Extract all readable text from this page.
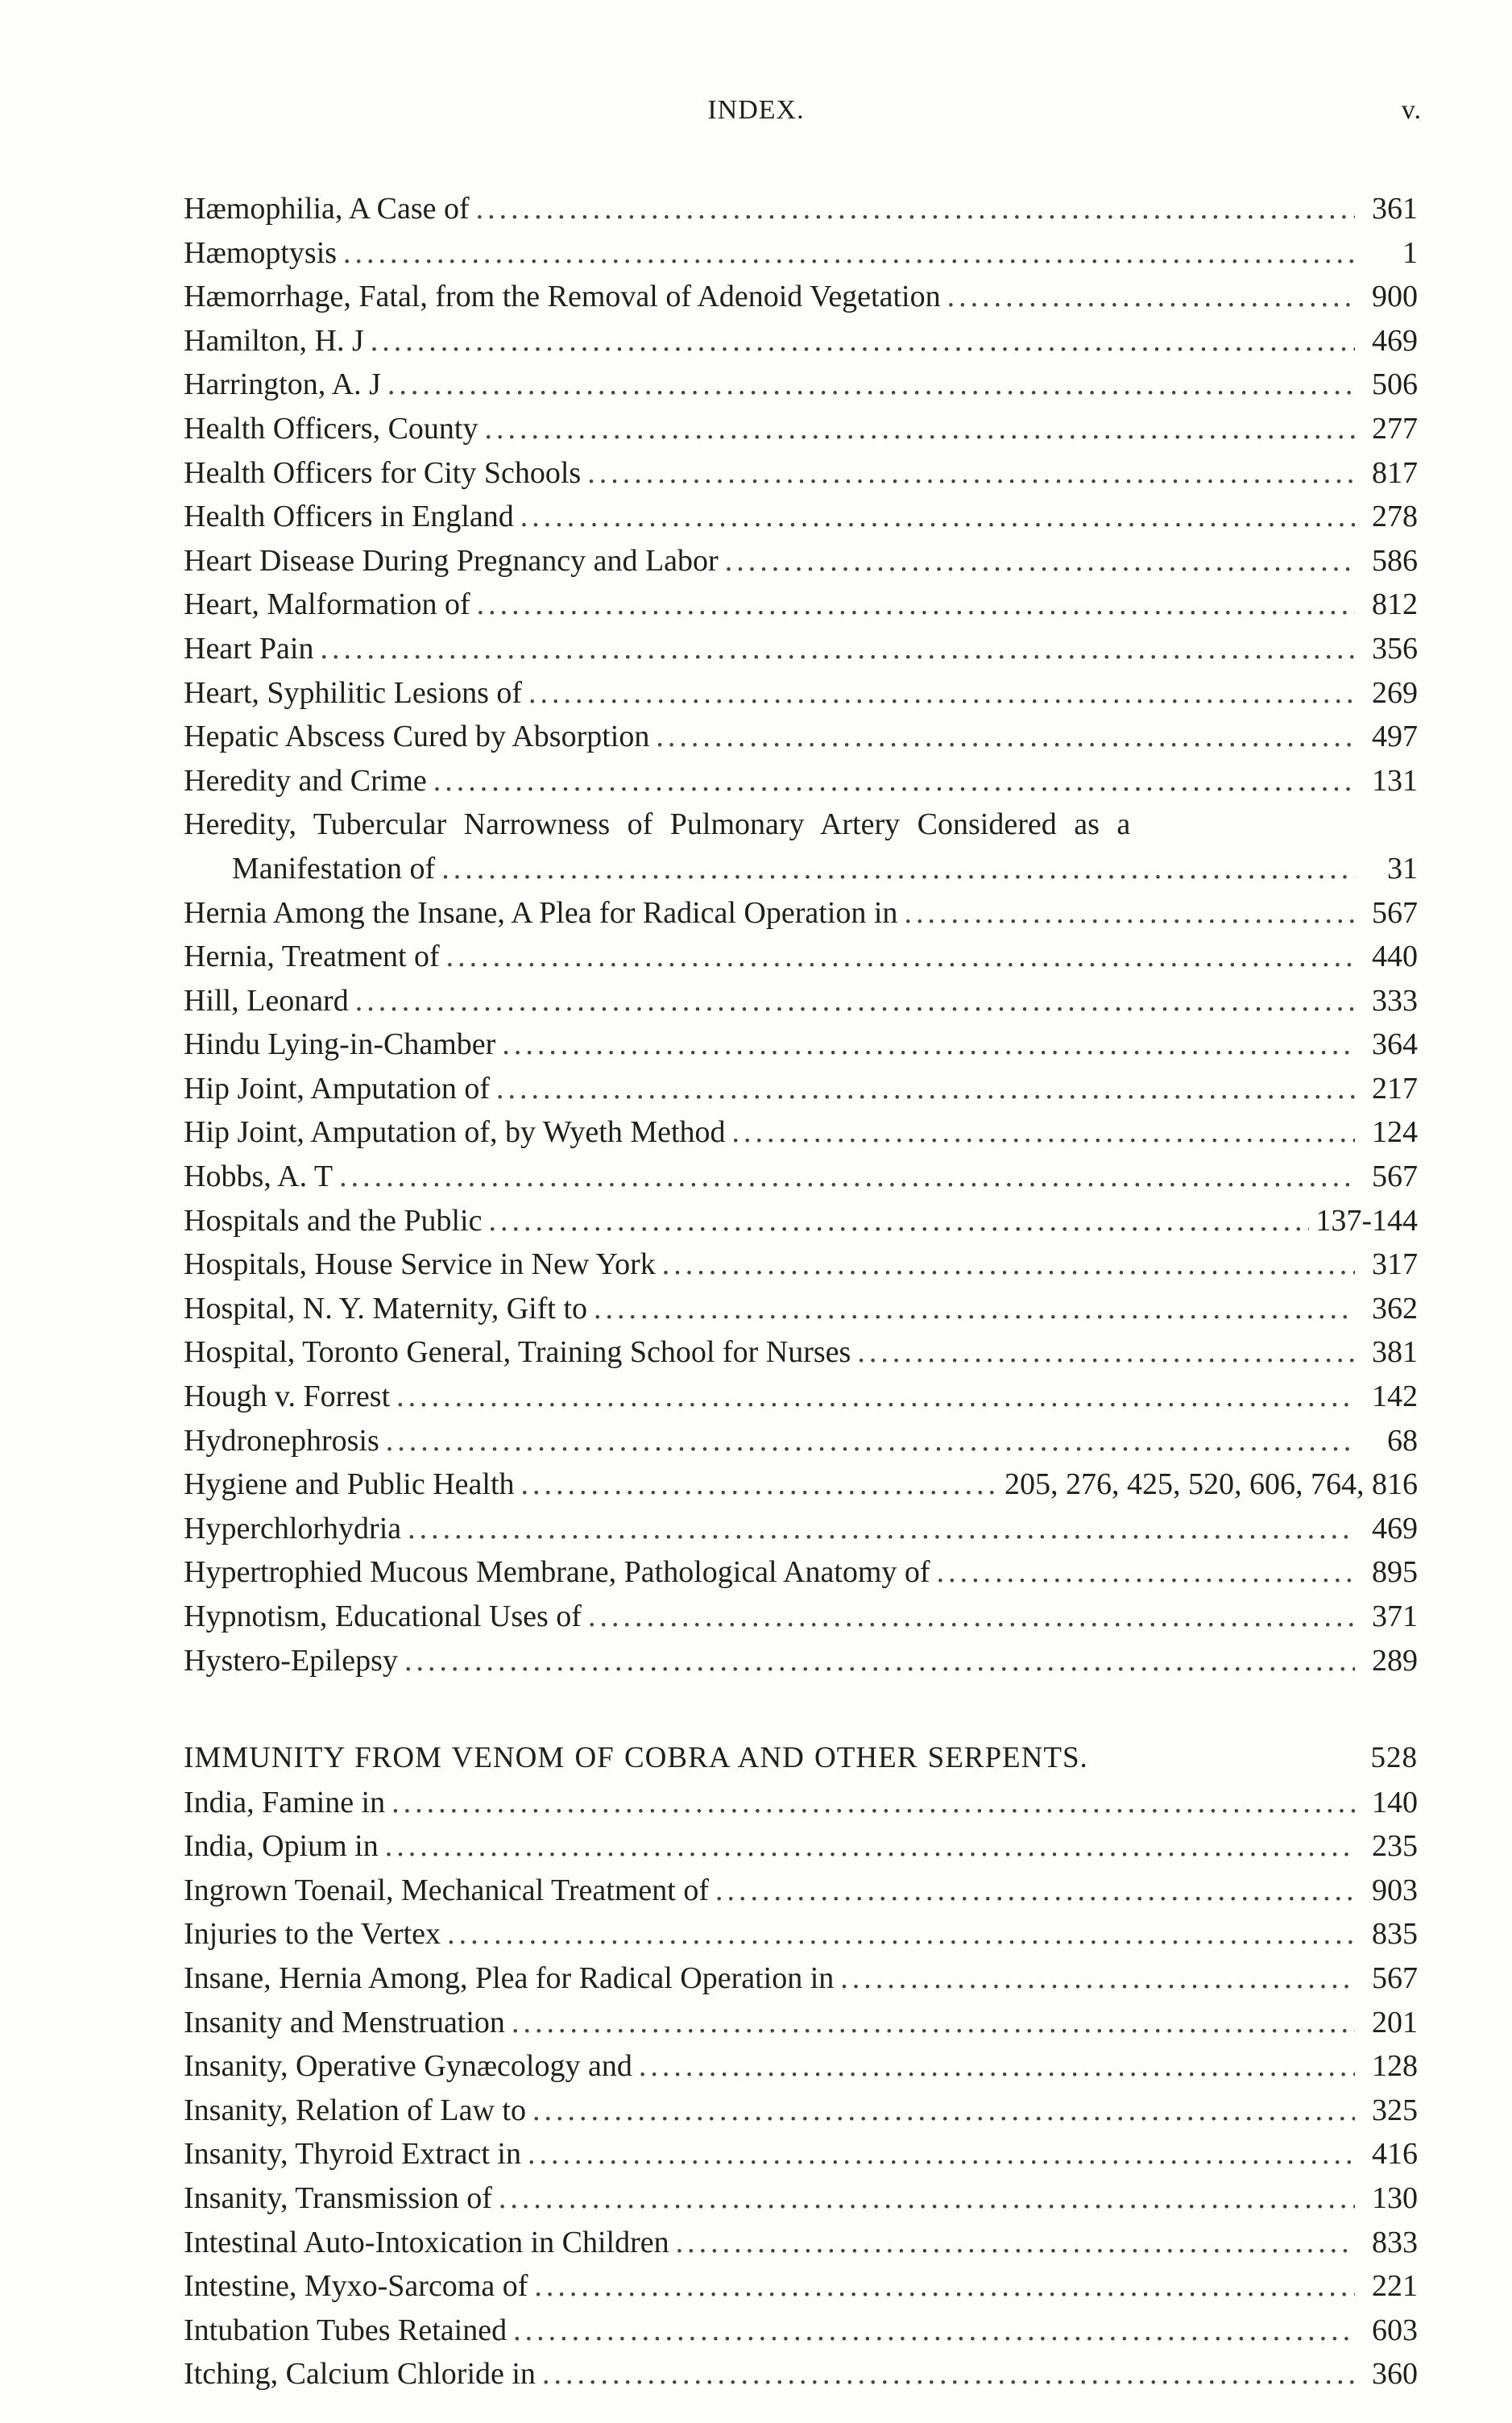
INDEX.	v.
Hæmophilia, A Case of .....	361
Hæmoptysis .....	1
Hæmorrhage, Fatal, from the Removal of Adenoid Vegetation .....	900
Hamilton, H. J .....	469
Harrington, A. J .....	506
Health Officers, County .....	277
Health Officers for City Schools .....	817
Health Officers in England .....	278
Heart Disease During Pregnancy and Labor .....	586
Heart, Malformation of .....	812
Heart Pain .....	356
Heart, Syphilitic Lesions of .....	269
Hepatic Abscess Cured by Absorption .....	497
Heredity and Crime .....	131
Heredity, Tubercular Narrowness of Pulmonary Artery Considered as a
Manifestation of .....	31
Hernia Among the Insane, A Plea for Radical Operation in .....	567
Hernia, Treatment of .....	440
Hill, Leonard .....	333
Hindu Lying-in-Chamber .....	364
Hip Joint, Amputation of .....	217
Hip Joint, Amputation of, by Wyeth Method .....	124
Hobbs, A. T .....	567
Hospitals and the Public .....	137-144
Hospitals, House Service in New York .....	317
Hospital, N. Y. Maternity, Gift to .....	362
Hospital, Toronto General, Training School for Nurses .....	381
Hough v. Forrest .....	142
Hydronephrosis .....	68
Hygiene and Public Health .....	205, 276, 425, 520, 606, 764, 816
Hyperchlorhydria .....	469
Hypertrophied Mucous Membrane, Pathological Anatomy of .....	895
Hypnotism, Educational Uses of .....	371
Hystero-Epilepsy .....	289
IMMUNITY FROM VENOM OF COBRA AND OTHER SERPENTS.	528
India, Famine in .....	140
India, Opium in .....	235
Ingrown Toenail, Mechanical Treatment of .....	903
Injuries to the Vertex .....	835
Insane, Hernia Among, Plea for Radical Operation in .....	567
Insanity and Menstruation .....	201
Insanity, Operative Gynæcology and .....	128
Insanity, Relation of Law to .....	325
Insanity, Thyroid Extract in .....	416
Insanity, Transmission of .....	130
Intestinal Auto-Intoxication in Children .....	833
Intestine, Myxo-Sarcoma of .....	221
Intubation Tubes Retained .....	603
Itching, Calcium Chloride in .....	360
